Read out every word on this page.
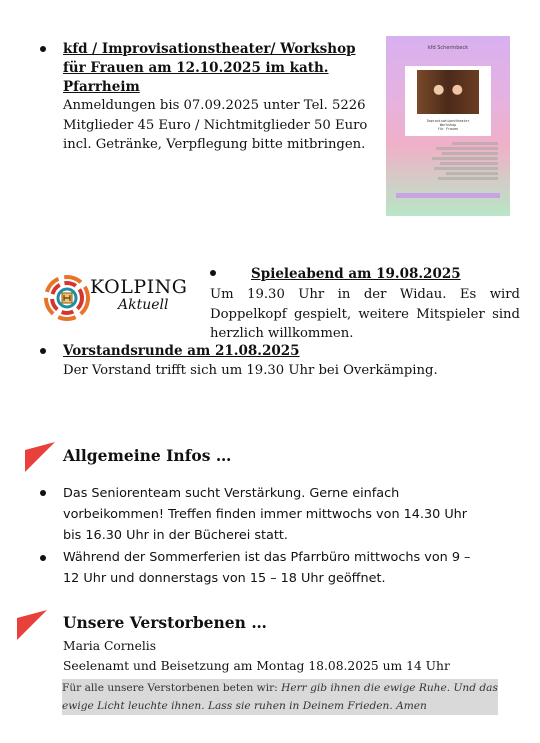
kfd / Improvisationstheater/ Workshop
für Frauen am 12.10.2025 im kath.
Pfarrheim
Anmeldungen bis 07.09.2025 unter Tel. 5226
Mitglieder 45 Euro / Nichtmitglieder 50 Euro
incl. Getränke, Verpflegung bitte mitbringen.
kfd Schermbeck
Improvisationstheater
Workshop
für Frauen
KOLPING
Aktuell
Spieleabend am 19.08.2025
Um 19.30 Uhr in der Widau. Es wird
Doppelkopf gespielt, weitere Mitspieler sind
herzlich willkommen.
Vorstandsrunde am 21.08.2025
Der Vorstand trifft sich um 19.30 Uhr bei Overkämping.
Allgemeine Infos …
Das Seniorenteam sucht Verstärkung. Gerne einfach
vorbeikommen! Treffen finden immer mittwochs von 14.30 Uhr
bis 16.30 Uhr in der Bücherei statt.
Während der Sommerferien ist das Pfarrbüro mittwochs von 9 –
12 Uhr und donnerstags von 15 – 18 Uhr geöffnet.
Unsere Verstorbenen …
Maria Cornelis
Seelenamt und Beisetzung am Montag 18.08.2025 um 14 Uhr
Für alle unsere Verstorbenen beten wir: Herr gib ihnen die ewige Ruhe. Und das
ewige Licht leuchte ihnen. Lass sie ruhen in Deinem Frieden. Amen
